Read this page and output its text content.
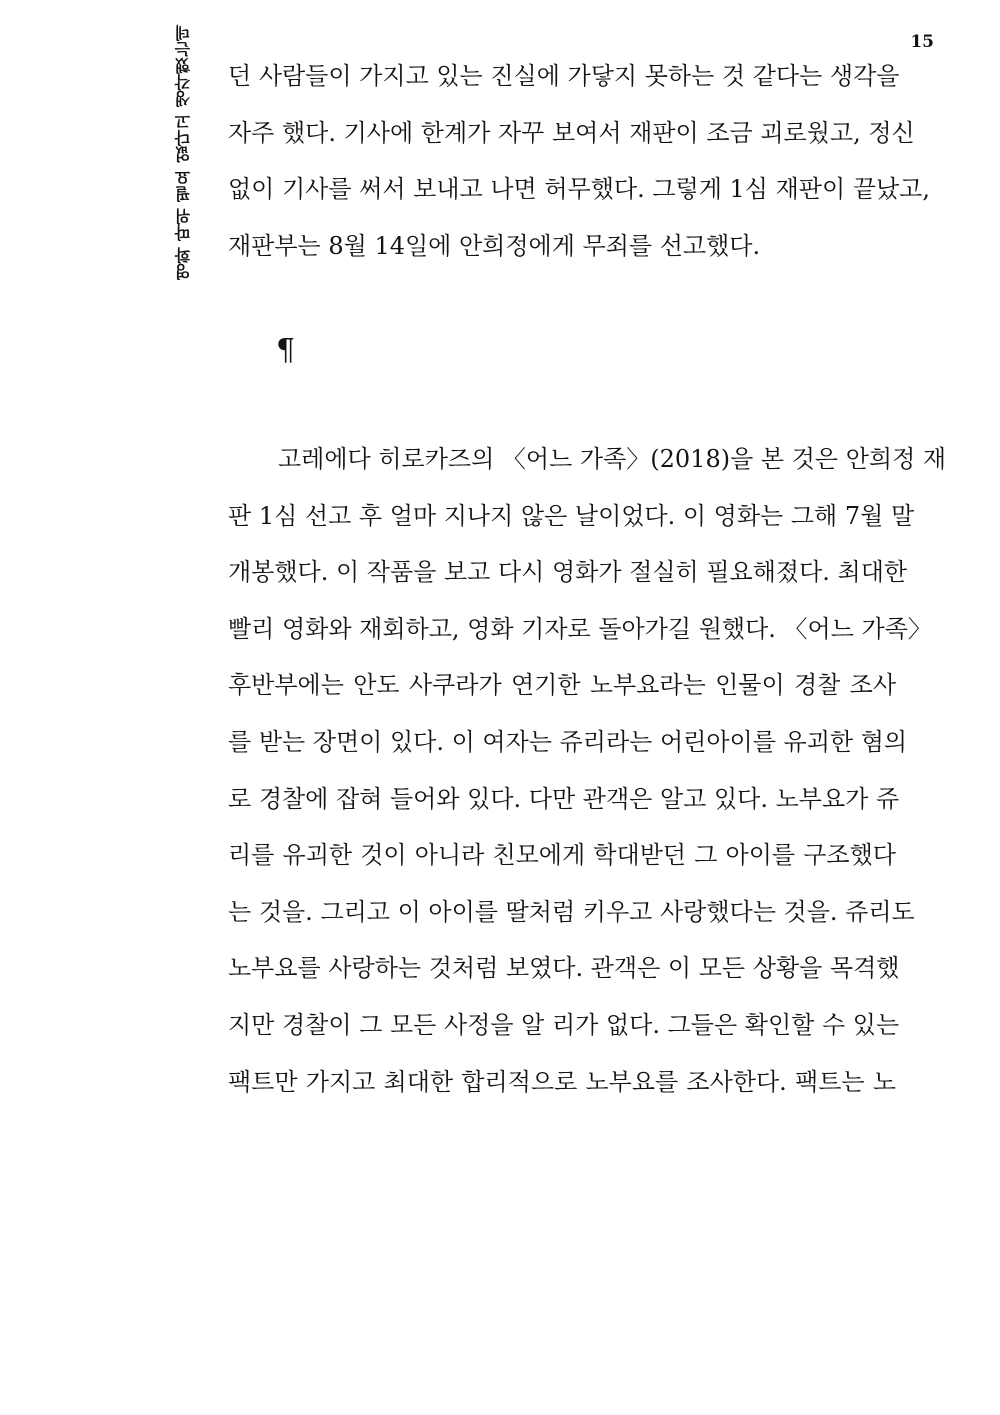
15
영화 따위 필요 없다고 생각했는데 던 사람들이 가지고 있는 진실에 가닿지 못하는 것 같다는 생각을
자주 했다. 기사에 한계가 자꾸 보여서 재판이 조금 괴로웠고, 정신
없이 기사를 써서 보내고 나면 허무했다. 그렇게 1심 재판이 끝났고,
재판부는 8월 14일에 안희정에게 무죄를 선고했다.
¶
고레에다 히로카즈의 〈어느 가족〉(2018)을 본 것은 안희정 재
판 1심 선고 후 얼마 지나지 않은 날이었다. 이 영화는 그해 7월 말
개봉했다. 이 작품을 보고 다시 영화가 절실히 필요해졌다. 최대한
빨리 영화와 재회하고, 영화 기자로 돌아가길 원했다. 〈어느 가족〉
후반부에는 안도 사쿠라가 연기한 노부요라는 인물이 경찰 조사
를 받는 장면이 있다. 이 여자는 쥬리라는 어린아이를 유괴한 혐의
로 경찰에 잡혀 들어와 있다. 다만 관객은 알고 있다. 노부요가 쥬
리를 유괴한 것이 아니라 친모에게 학대받던 그 아이를 구조했다
는 것을. 그리고 이 아이를 딸처럼 키우고 사랑했다는 것을. 쥬리도
노부요를 사랑하는 것처럼 보였다. 관객은 이 모든 상황을 목격했
지만 경찰이 그 모든 사정을 알 리가 없다. 그들은 확인할 수 있는
팩트만 가지고 최대한 합리적으로 노부요를 조사한다. 팩트는 노
